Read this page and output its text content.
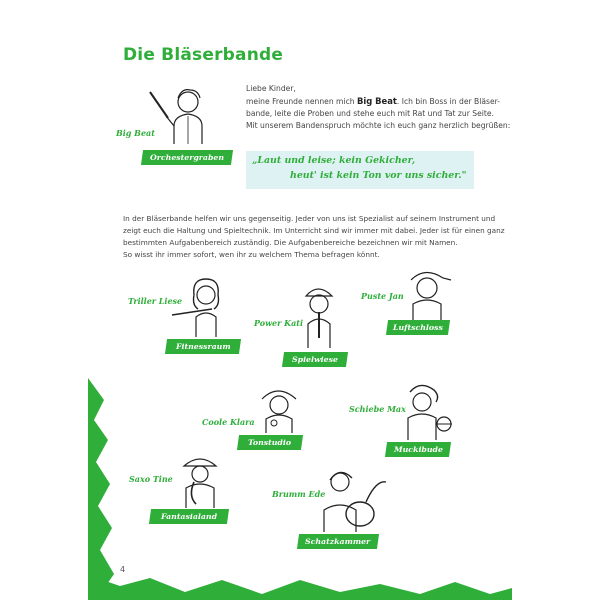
Die Bläserbande
Big Beat
Orchestergraben
Liebe Kinder,
meine Freunde nennen mich Big Beat. Ich bin Boss in der Bläser-
bande, leite die Proben und stehe euch mit Rat und Tat zur Seite.
Mit unserem Bandenspruch möchte ich euch ganz herzlich begrüßen:
„Laut und leise; kein Gekicher,
heut' ist kein Ton vor uns sicher."
In der Bläserbande helfen wir uns gegenseitig. Jeder von uns ist Spezialist auf seinem Instrument und
zeigt euch die Haltung und Spieltechnik. Im Unterricht sind wir immer mit dabei. Jeder ist für einen ganz
bestimmten Aufgabenbereich zuständig. Die Aufgabenbereiche bezeichnen wir mit Namen.
So wisst ihr immer sofort, wen ihr zu welchem Thema befragen könnt.
Triller Liese
Fitnessraum
Power Kati
Spielwiese
Puste Jan
Luftschloss
Coole Klara
Tonstudio
Schiebe Max
Muckibude
Saxo Tine
Fantasialand
Brumm Ede
Schatzkammer
4
